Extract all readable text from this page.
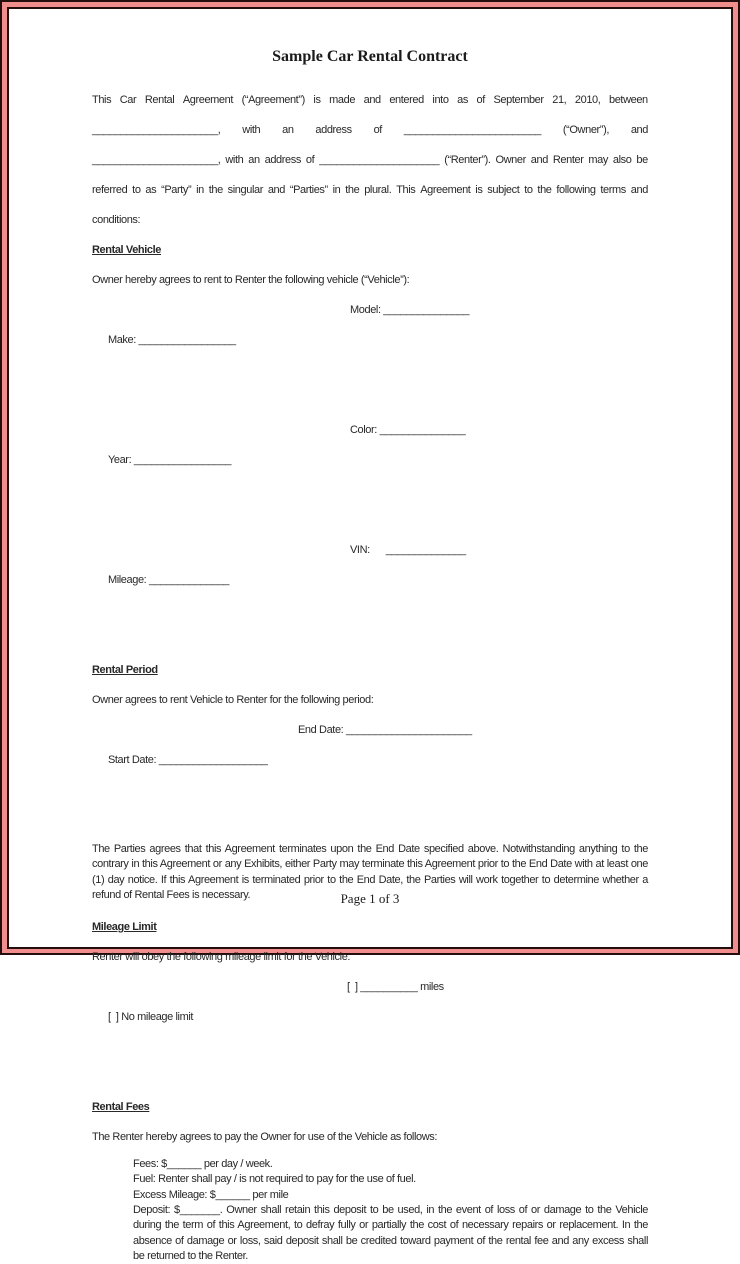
Sample Car Rental Contract
This Car Rental Agreement (“Agreement”) is made and entered into as of September 21, 2010, between
______________________, with an address of ________________________ (“Owner”), and
______________________, with an address of _____________________ (“Renter”). Owner and Renter may also be
referred to as “Party” in the singular and “Parties” in the plural. This Agreement is subject to the following terms and
conditions:
Rental Vehicle
Owner hereby agrees to rent to Renter the following vehicle (“Vehicle”):

Make: _________________

Model: _______________

Year: _________________

Color: _______________

Mileage: ______________

VIN:      ______________

Rental Period
Owner agrees to rent Vehicle to Renter for the following period:

Start Date: ___________________

End Date: ______________________

The Parties agrees that this Agreement terminates upon the End Date specified above. Notwithstanding anything to the contrary in this Agreement or any Exhibits, either Party may terminate this Agreement prior to the End Date with at least one (1) day notice. If this Agreement is terminated prior to the End Date, the Parties will work together to determine whether a refund of Rental Fees is necessary.
Mileage Limit
Renter will obey the following mileage limit for the Vehicle:

[  ] No mileage limit

[  ] __________ miles

Rental Fees
The Renter hereby agrees to pay the Owner for use of the Vehicle as follows:
Fees: $______ per day / week.
Fuel: Renter shall pay / is not required to pay for the use of fuel.
Excess Mileage: $______ per mile
Deposit: $_______. Owner shall retain this deposit to be used, in the event of loss of or damage to the Vehicle during the term of this Agreement, to defray fully or partially the cost of necessary repairs or replacement. In the absence of damage or loss, said deposit shall be credited toward payment of the rental fee and any excess shall be returned to the Renter.
Page 1 of 3
